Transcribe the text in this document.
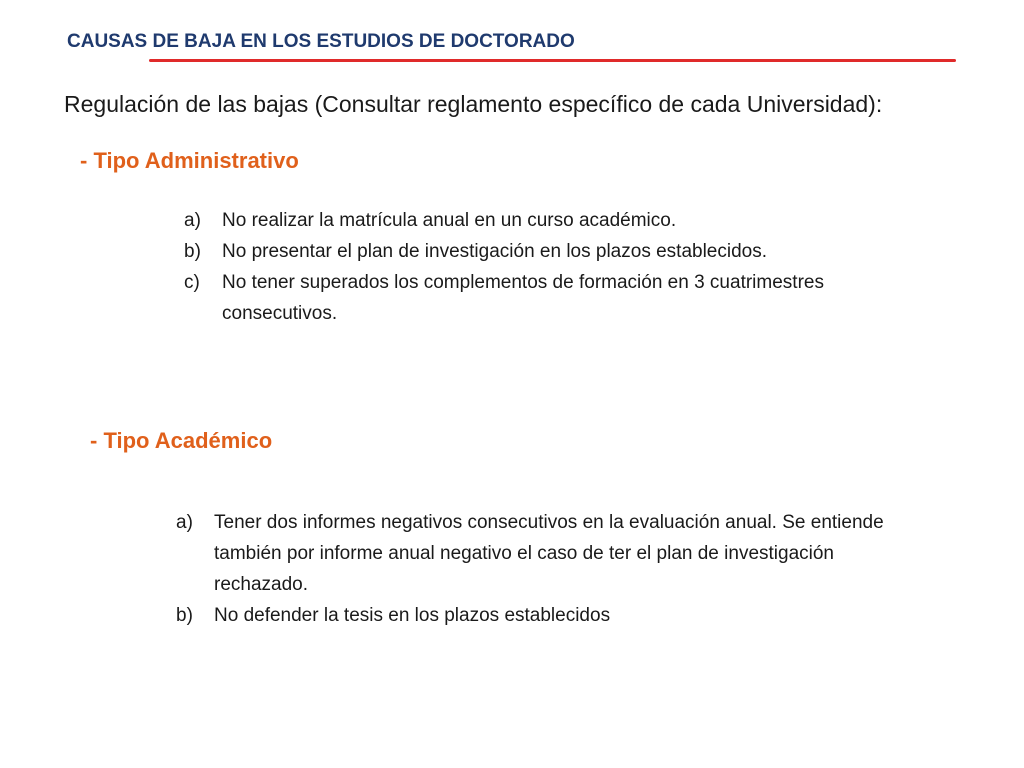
CAUSAS DE BAJA EN LOS ESTUDIOS DE DOCTORADO
Regulación de las bajas (Consultar reglamento específico de cada Universidad):
- Tipo Administrativo
a)	No realizar la matrícula anual en un curso académico.
b)	No presentar el plan de investigación en los plazos establecidos.
c)	No tener superados los complementos de formación en 3 cuatrimestres consecutivos.
- Tipo Académico
a)	Tener dos informes negativos consecutivos en la evaluación anual. Se entiende también por informe anual negativo el caso de ter el plan de investigación rechazado.
b)	No defender la tesis en los plazos establecidos
